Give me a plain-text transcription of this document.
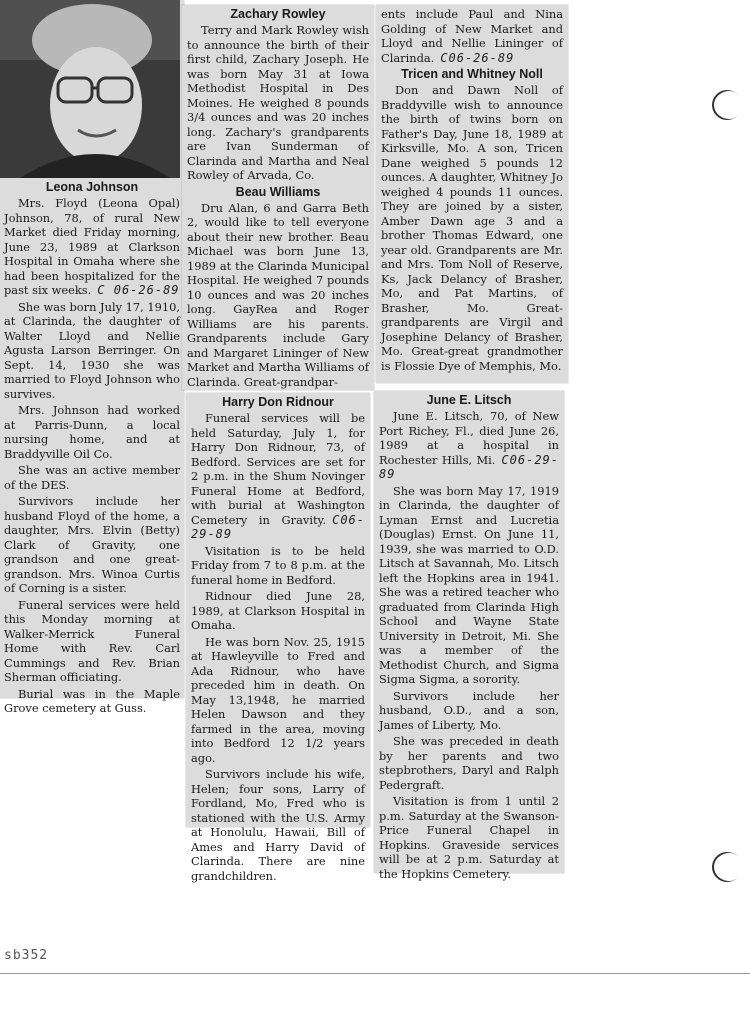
Leona Johnson

Mrs. Floyd (Leona Opal) Johnson, 78, of rural New Market died Friday morning, June 23, 1989 at Clarkson Hospital in Omaha where she had been hospitalized for the past six weeks. C 06-26-89

She was born July 17, 1910, at Clarinda, the daughter of Walter Lloyd and Nellie Agusta Larson Berringer. On Sept. 14, 1930 she was married to Floyd Johnson who survives.

Mrs. Johnson had worked at Parris-Dunn, a local nursing home, and at Braddyville Oil Co.

She was an active member of the DES.

Survivors include her husband Floyd of the home, a daughter, Mrs. Elvin (Betty) Clark of Gravity, one grandson and one great-grandson. Mrs. Winoa Curtis of Corning is a sister.

Funeral services were held this Monday morning at Walker-Merrick Funeral Home with Rev. Carl Cummings and Rev. Brian Sherman officiating.

Burial was in the Maple Grove cemetery at Guss.

Zachary Rowley

Terry and Mark Rowley wish to announce the birth of their first child, Zachary Joseph. He was born May 31 at Iowa Methodist Hospital in Des Moines. He weighed 8 pounds 3/4 ounces and was 20 inches long. Zachary's grandparents are Ivan Sunderman of Clarinda and Martha and Neal Rowley of Arvada, Co.

Beau Williams

Dru Alan, 6 and Garra Beth 2, would like to tell everyone about their new brother. Beau Michael was born June 13, 1989 at the Clarinda Municipal Hospital. He weighed 7 pounds 10 ounces and was 20 inches long. GayRea and Roger Williams are his parents. Grandparents include Gary and Margaret Lininger of New Market and Martha Williams of Clarinda. Great-grandpar-

ents include Paul and Nina Golding of New Market and Lloyd and Nellie Lininger of Clarinda. C06-26-89

Tricen and Whitney Noll

Don and Dawn Noll of Braddyville wish to announce the birth of twins born on Father's Day, June 18, 1989 at Kirksville, Mo. A son, Tricen Dane weighed 5 pounds 12 ounces. A daughter, Whitney Jo weighed 4 pounds 11 ounces. They are joined by a sister, Amber Dawn age 3 and a brother Thomas Edward, one year old. Grandparents are Mr. and Mrs. Tom Noll of Reserve, Ks, Jack Delancy of Brasher, Mo, and Pat Martins, of Brasher, Mo. Great-grandparents are Virgil and Josephine Delancy of Brasher, Mo. Great-great grandmother is Flossie Dye of Memphis, Mo.

Harry Don Ridnour

Funeral services will be held Saturday, July 1, for Harry Don Ridnour, 73, of Bedford. Services are set for 2 p.m. in the Shum Novinger Funeral Home at Bedford, with burial at Washington Cemetery in Gravity. C06-29-89

Visitation is to be held Friday from 7 to 8 p.m. at the funeral home in Bedford.

Ridnour died June 28, 1989, at Clarkson Hospital in Omaha.

He was born Nov. 25, 1915 at Hawleyville to Fred and Ada Ridnour, who have preceded him in death. On May 13,1948, he married Helen Dawson and they farmed in the area, moving into Bedford 12 1/2 years ago.

Survivors include his wife, Helen; four sons, Larry of Fordland, Mo, Fred who is stationed with the U.S. Army at Honolulu, Hawaii, Bill of Ames and Harry David of Clarinda. There are nine grandchildren.

June E. Litsch

June E. Litsch, 70, of New Port Richey, Fl., died June 26, 1989 at a hospital in Rochester Hills, Mi. C06-29-89

She was born May 17, 1919 in Clarinda, the daughter of Lyman Ernst and Lucretia (Douglas) Ernst. On June 11, 1939, she was married to O.D. Litsch at Savannah, Mo. Litsch left the Hopkins area in 1941. She was a retired teacher who graduated from Clarinda High School and Wayne State University in Detroit, Mi. She was a member of the Methodist Church, and Sigma Sigma Sigma, a sorority.

Survivors include her husband, O.D., and a son, James of Liberty, Mo.

She was preceded in death by her parents and two stepbrothers, Daryl and Ralph Pedergraft.

Visitation is from 1 until 2 p.m. Saturday at the Swanson-Price Funeral Chapel in Hopkins. Graveside services will be at 2 p.m. Saturday at the Hopkins Cemetery.

sb352
